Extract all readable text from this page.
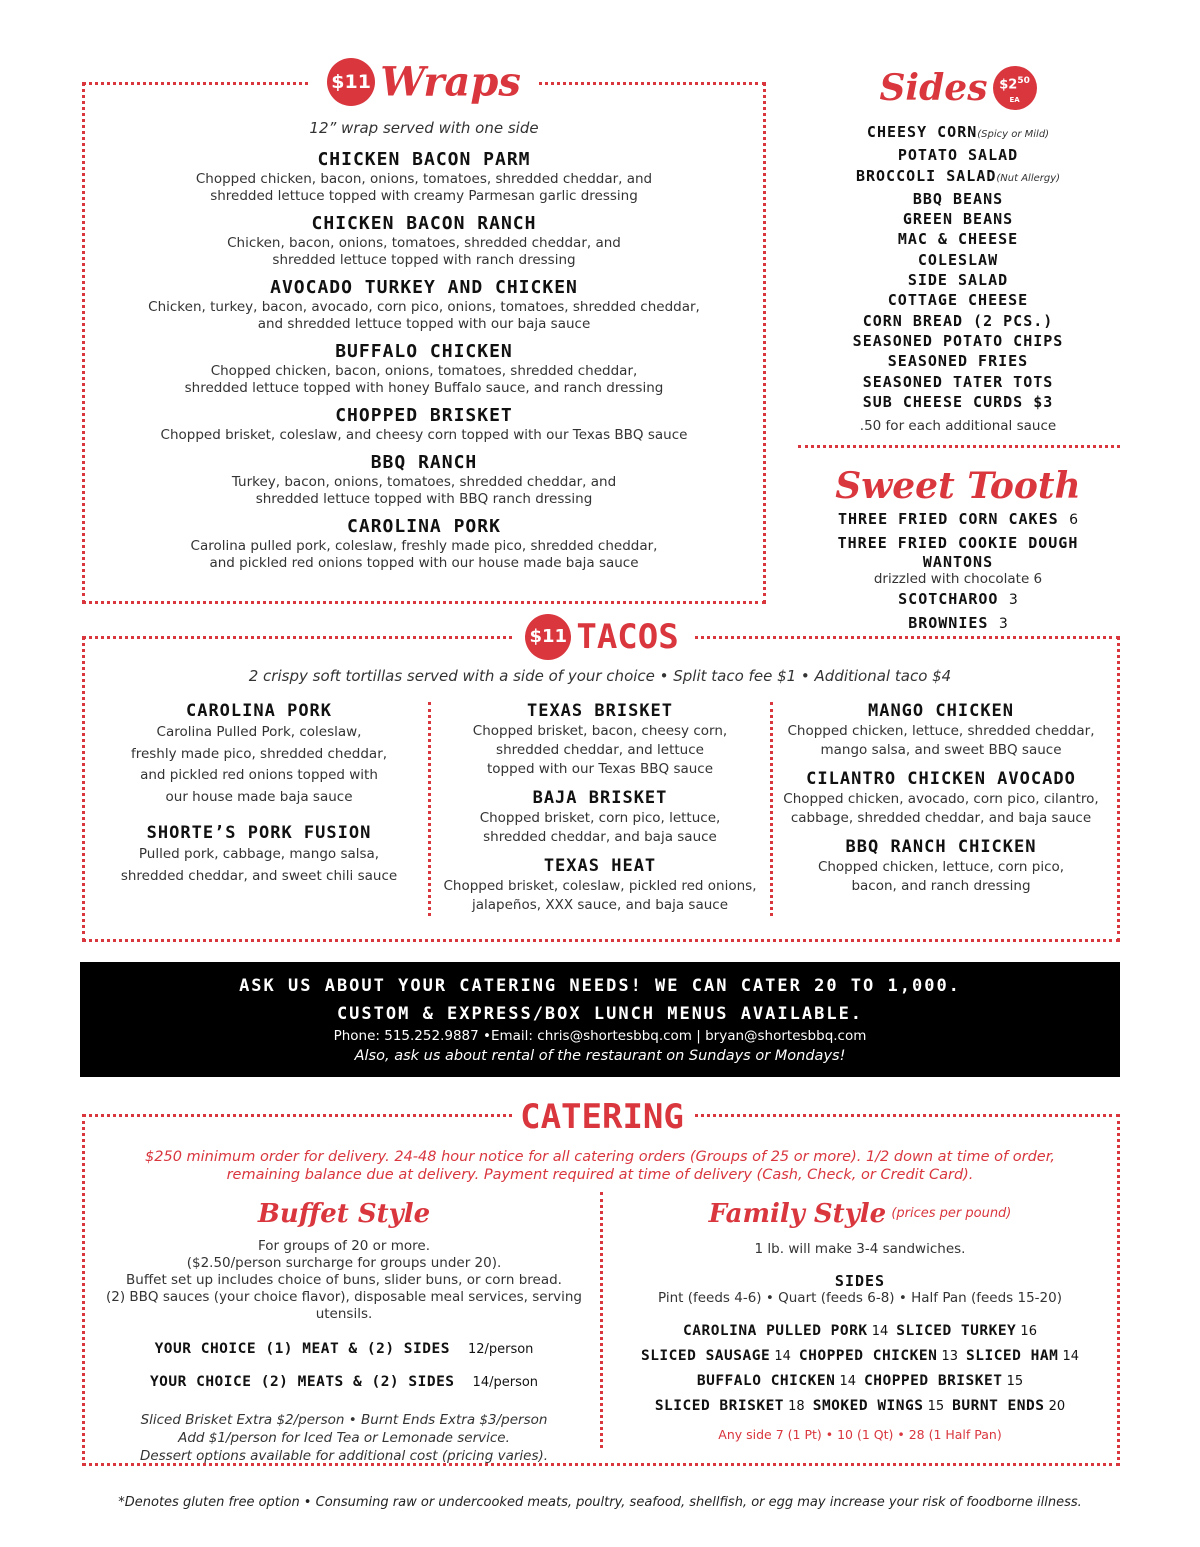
$11 Wraps
12” wrap served with one side
CHICKEN BACON PARM
Chopped chicken, bacon, onions, tomatoes, shredded cheddar, and
shredded lettuce topped with creamy Parmesan garlic dressing
CHICKEN BACON RANCH
Chicken, bacon, onions, tomatoes, shredded cheddar, and
shredded lettuce topped with ranch dressing
AVOCADO TURKEY AND CHICKEN
Chicken, turkey, bacon, avocado, corn pico, onions, tomatoes, shredded cheddar,
and shredded lettuce topped with our baja sauce
BUFFALO CHICKEN
Chopped chicken, bacon, onions, tomatoes, shredded cheddar,
shredded lettuce topped with honey Buffalo sauce, and ranch dressing
CHOPPED BRISKET
Chopped brisket, coleslaw, and cheesy corn topped with our Texas BBQ sauce
BBQ RANCH
Turkey, bacon, onions, tomatoes, shredded cheddar, and
shredded lettuce topped with BBQ ranch dressing
CAROLINA PORK
Carolina pulled pork, coleslaw, freshly made pico, shredded cheddar,
and pickled red onions topped with our house made baja sauce
Sides $\$2^{50}$
EA
CHEESY CORN(Spicy or Mild)
POTATO SALAD
BROCCOLI SALAD(Nut Allergy)
BBQ BEANS
GREEN BEANS
MAC & CHEESE
COLESLAW
SIDE SALAD
COTTAGE CHEESE
CORN BREAD (2 PCS.)
SEASONED POTATO CHIPS
SEASONED FRIES
SEASONED TATER TOTS
SUB CHEESE CURDS $3
.50 for each additional sauce
Sweet Tooth
THREE FRIED CORN CAKES 6
THREE FRIED COOKIE DOUGH WANTONS
drizzled with chocolate 6
SCOTCHAROO 3
BROWNIES 3
$11 TACOS
2 crispy soft tortillas served with a side of your choice • Split taco fee $1 • Additional taco $4
CAROLINA PORK
Carolina Pulled Pork, coleslaw,
freshly made pico, shredded cheddar,
and pickled red onions topped with
our house made baja sauce
SHORTE’S PORK FUSION
Pulled pork, cabbage, mango salsa,
shredded cheddar, and sweet chili sauce
TEXAS BRISKET
Chopped brisket, bacon, cheesy corn,
shredded cheddar, and lettuce
topped with our Texas BBQ sauce
BAJA BRISKET
Chopped brisket, corn pico, lettuce,
shredded cheddar, and baja sauce
TEXAS HEAT
Chopped brisket, coleslaw, pickled red onions,
jalapeños, XXX sauce, and baja sauce
MANGO CHICKEN
Chopped chicken, lettuce, shredded cheddar,
mango salsa, and sweet BBQ sauce
CILANTRO CHICKEN AVOCADO
Chopped chicken, avocado, corn pico, cilantro,
cabbage, shredded cheddar, and baja sauce
BBQ RANCH CHICKEN
Chopped chicken, lettuce, corn pico,
bacon, and ranch dressing
ASK US ABOUT YOUR CATERING NEEDS! WE CAN CATER 20 TO 1,000.
CUSTOM & EXPRESS/BOX LUNCH MENUS AVAILABLE.
Phone: 515.252.9887 •Email: chris@shortesbbq.com | bryan@shortesbbq.com
Also, ask us about rental of the restaurant on Sundays or Mondays!
CATERING
$250 minimum order for delivery. 24-48 hour notice for all catering orders (Groups of 25 or more). 1/2 down at time of order,
remaining balance due at delivery. Payment required at time of delivery (Cash, Check, or Credit Card).
Buffet Style
For groups of 20 or more.
($2.50/person surcharge for groups under 20).
Buffet set up includes choice of buns, slider buns, or corn bread.
(2) BBQ sauces (your choice flavor), disposable meal services, serving utensils.
YOUR CHOICE (1) MEAT & (2) SIDES 12/person
YOUR CHOICE (2) MEATS & (2) SIDES 14/person
Sliced Brisket Extra $2/person • Burnt Ends Extra $3/person
Add $1/person for Iced Tea or Lemonade service.
Dessert options available for additional cost (pricing varies).
Family Style $^{(prices per pound)}$
1 lb. will make 3-4 sandwiches.
SIDES
Pint (feeds 4-6) • Quart (feeds 6-8) • Half Pan (feeds 15-20)
CAROLINA PULLED PORK 14 SLICED TURKEY 16
SLICED SAUSAGE 14 CHOPPED CHICKEN 13 SLICED HAM 14
BUFFALO CHICKEN 14 CHOPPED BRISKET 15
SLICED BRISKET 18 SMOKED WINGS 15 BURNT ENDS 20
Any side 7 (1 Pt) • 10 (1 Qt) • 28 (1 Half Pan)
*Denotes gluten free option • Consuming raw or undercooked meats, poultry, seafood, shellfish, or egg may increase your risk of foodborne illness.
